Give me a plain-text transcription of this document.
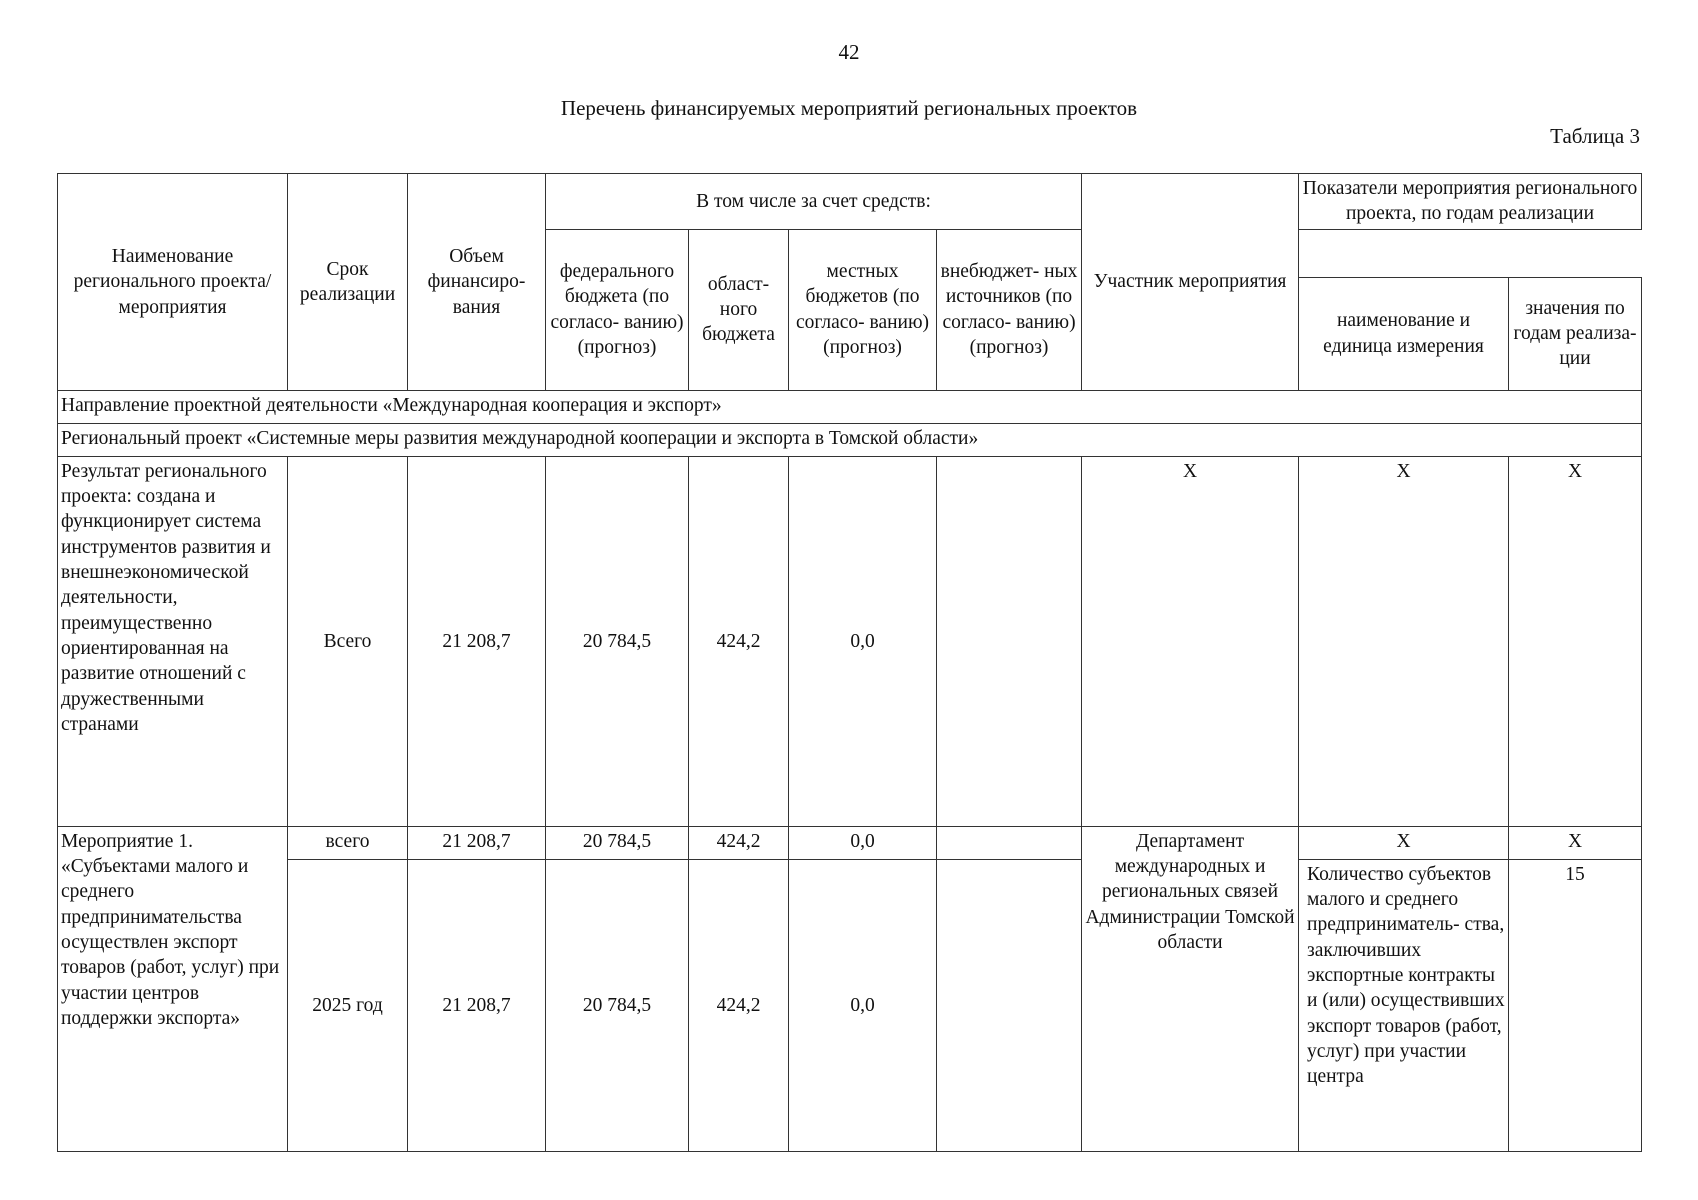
42
Перечень финансируемых мероприятий региональных проектов
Таблица 3
Наименование регионального проекта/мероприятия	Срок реализации	Объем финансиро- вания	В том числе за счет средств:				Участник мероприятия	Показатели мероприятия регионального проекта, по годам реализации	
			федерального бюджета (по согласо- ванию) (прогноз)	област- ного бюджета	местных бюджетов (по согласо- ванию) (прогноз)	внебюджет- ных источников (по согласо- ванию) (прогноз)			
								наименование и единица измерения	значения по годам реализа- ции
Направление проектной деятельности «Международная кооперация и экспорт»									
Региональный проект «Системные меры развития международной кооперации и экспорта в Томской области»									
Результат регионального проекта: создана и функционирует система инструментов развития и внешнеэкономической деятельности, преимущественно ориентированная на развитие отношений с дружественными странами	Всего	21 208,7	20 784,5	424,2	0,0		X	X	X
Мероприятие 1. «Субъектами малого и среднего предпринимательства осуществлен экспорт товаров (работ, услуг) при участии центров поддержки экспорта»	всего	21 208,7	20 784,5	424,2	0,0		Департамент международных и региональных связей Администрации Томской области	X	X
	2025 год	21 208,7	20 784,5	424,2	0,0			Количество субъектов малого и среднего предприниматель- ства, заключивших экспортные контракты и (или) осуществивших экспорт товаров (работ, услуг) при участии центра	15
